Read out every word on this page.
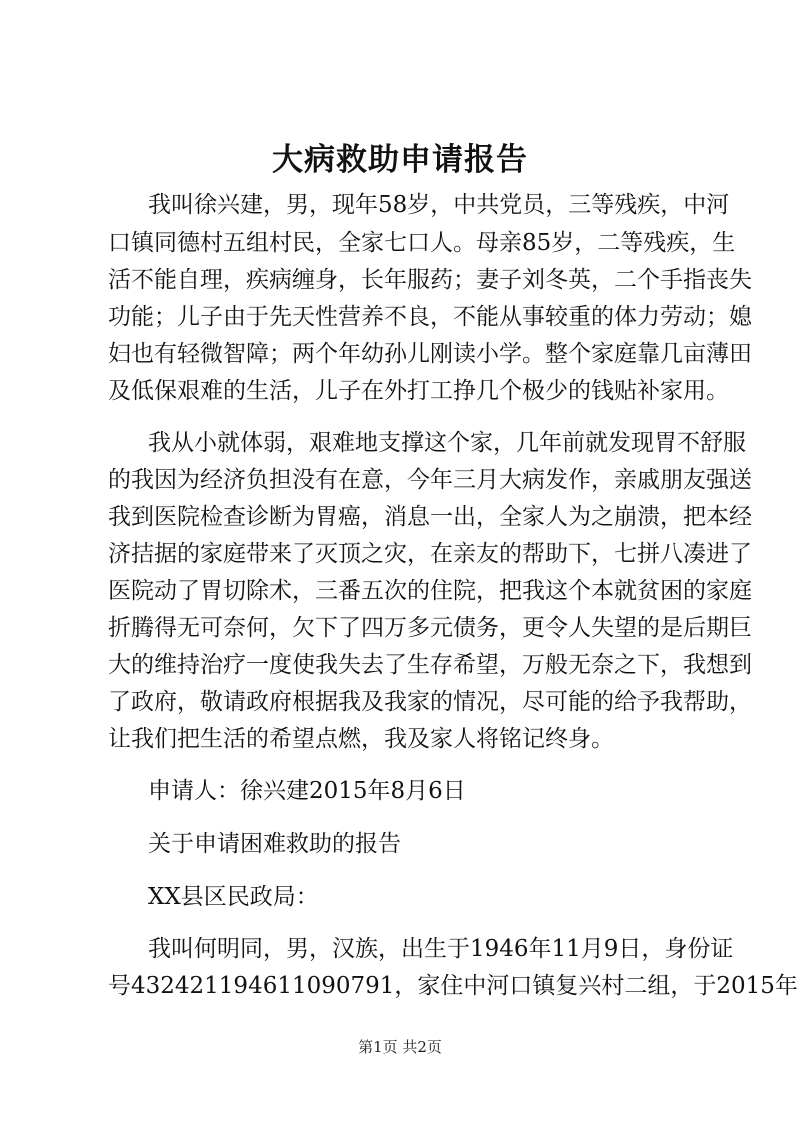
大病救助申请报告
我叫徐兴建，男，现年58岁，中共党员，三等残疾，中河
口镇同德村五组村民，全家七口人。母亲85岁，二等残疾，生
活不能自理，疾病缠身，长年服药；妻子刘冬英，二个手指丧失
功能；儿子由于先天性营养不良，不能从事较重的体力劳动；媳
妇也有轻微智障；两个年幼孙儿刚读小学。整个家庭靠几亩薄田
及低保艰难的生活，儿子在外打工挣几个极少的钱贴补家用。
我从小就体弱，艰难地支撑这个家，几年前就发现胃不舒服
的我因为经济负担没有在意，今年三月大病发作，亲戚朋友强送
我到医院检查诊断为胃癌，消息一出，全家人为之崩溃，把本经
济拮据的家庭带来了灭顶之灾，在亲友的帮助下，七拼八凑进了
医院动了胃切除术，三番五次的住院，把我这个本就贫困的家庭
折腾得无可奈何，欠下了四万多元债务，更令人失望的是后期巨
大的维持治疗一度使我失去了生存希望，万般无奈之下，我想到
了政府，敬请政府根据我及我家的情况，尽可能的给予我帮助，
让我们把生活的希望点燃，我及家人将铭记终身。
申请人：徐兴建2015年8月6日
关于申请困难救助的报告
XX县区民政局：
我叫何明同，男，汉族，出生于1946年11月9日，身份证
号432421194611090791，家住中河口镇复兴村二组，于2015年
第1页 共2页
